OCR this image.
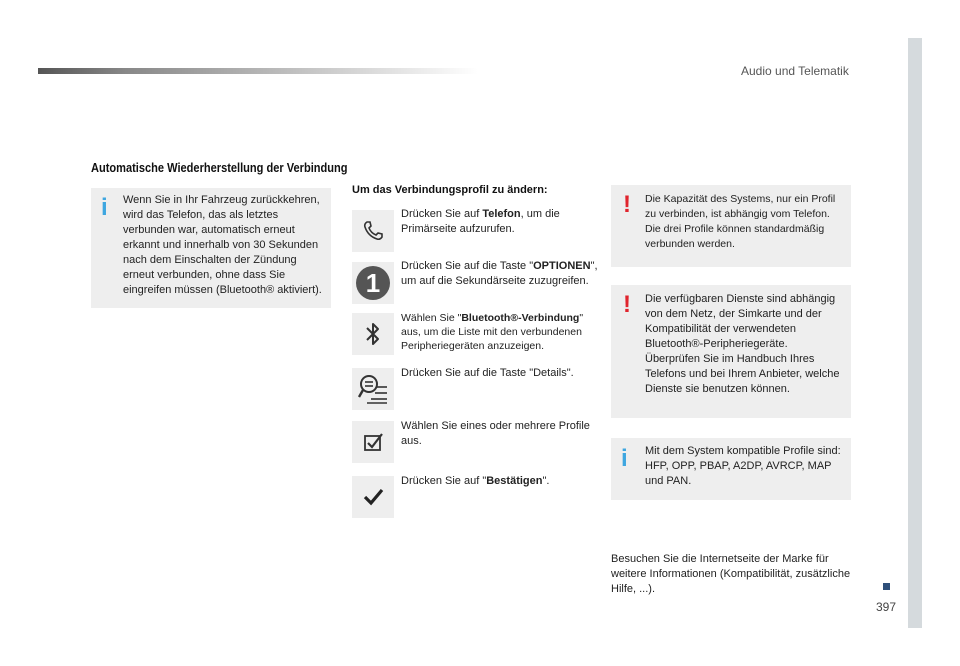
Audio und Telematik
397
Automatische Wiederherstellung der Verbindung
i Wenn Sie in Ihr Fahrzeug zurückkehren, wird das Telefon, das als letztes verbunden war, automatisch erneut erkannt und innerhalb von 30 Sekunden nach dem Einschalten der Zündung erneut verbunden, ohne dass Sie eingreifen müssen (Bluetooth® aktiviert).
Um das Verbindungsprofil zu ändern:
Drücken Sie auf Telefon, um die Primärseite aufzurufen.
1
Drücken Sie auf die Taste "OPTIONEN", um auf die Sekundärseite zuzugreifen.
Wählen Sie "Bluetooth®-Verbindung" aus, um die Liste mit den verbundenen Peripheriegeräten anzuzeigen.
Drücken Sie auf die Taste "Details".
Wählen Sie eines oder mehrere Profile aus.
Drücken Sie auf "Bestätigen".
! Die Kapazität des Systems, nur ein Profil zu verbinden, ist abhängig vom Telefon. Die drei Profile können standardmäßig verbunden werden.
! Die verfügbaren Dienste sind abhängig von dem Netz, der Simkarte und der Kompatibilität der verwendeten Bluetooth®-Peripheriegeräte. Überprüfen Sie im Handbuch Ihres Telefons und bei Ihrem Anbieter, welche Dienste sie benutzen können.
i Mit dem System kompatible Profile sind: HFP, OPP, PBAP, A2DP, AVRCP, MAP und PAN.
Besuchen Sie die Internetseite der Marke für weitere Informationen (Kompatibilität, zusätzliche Hilfe, ...).
